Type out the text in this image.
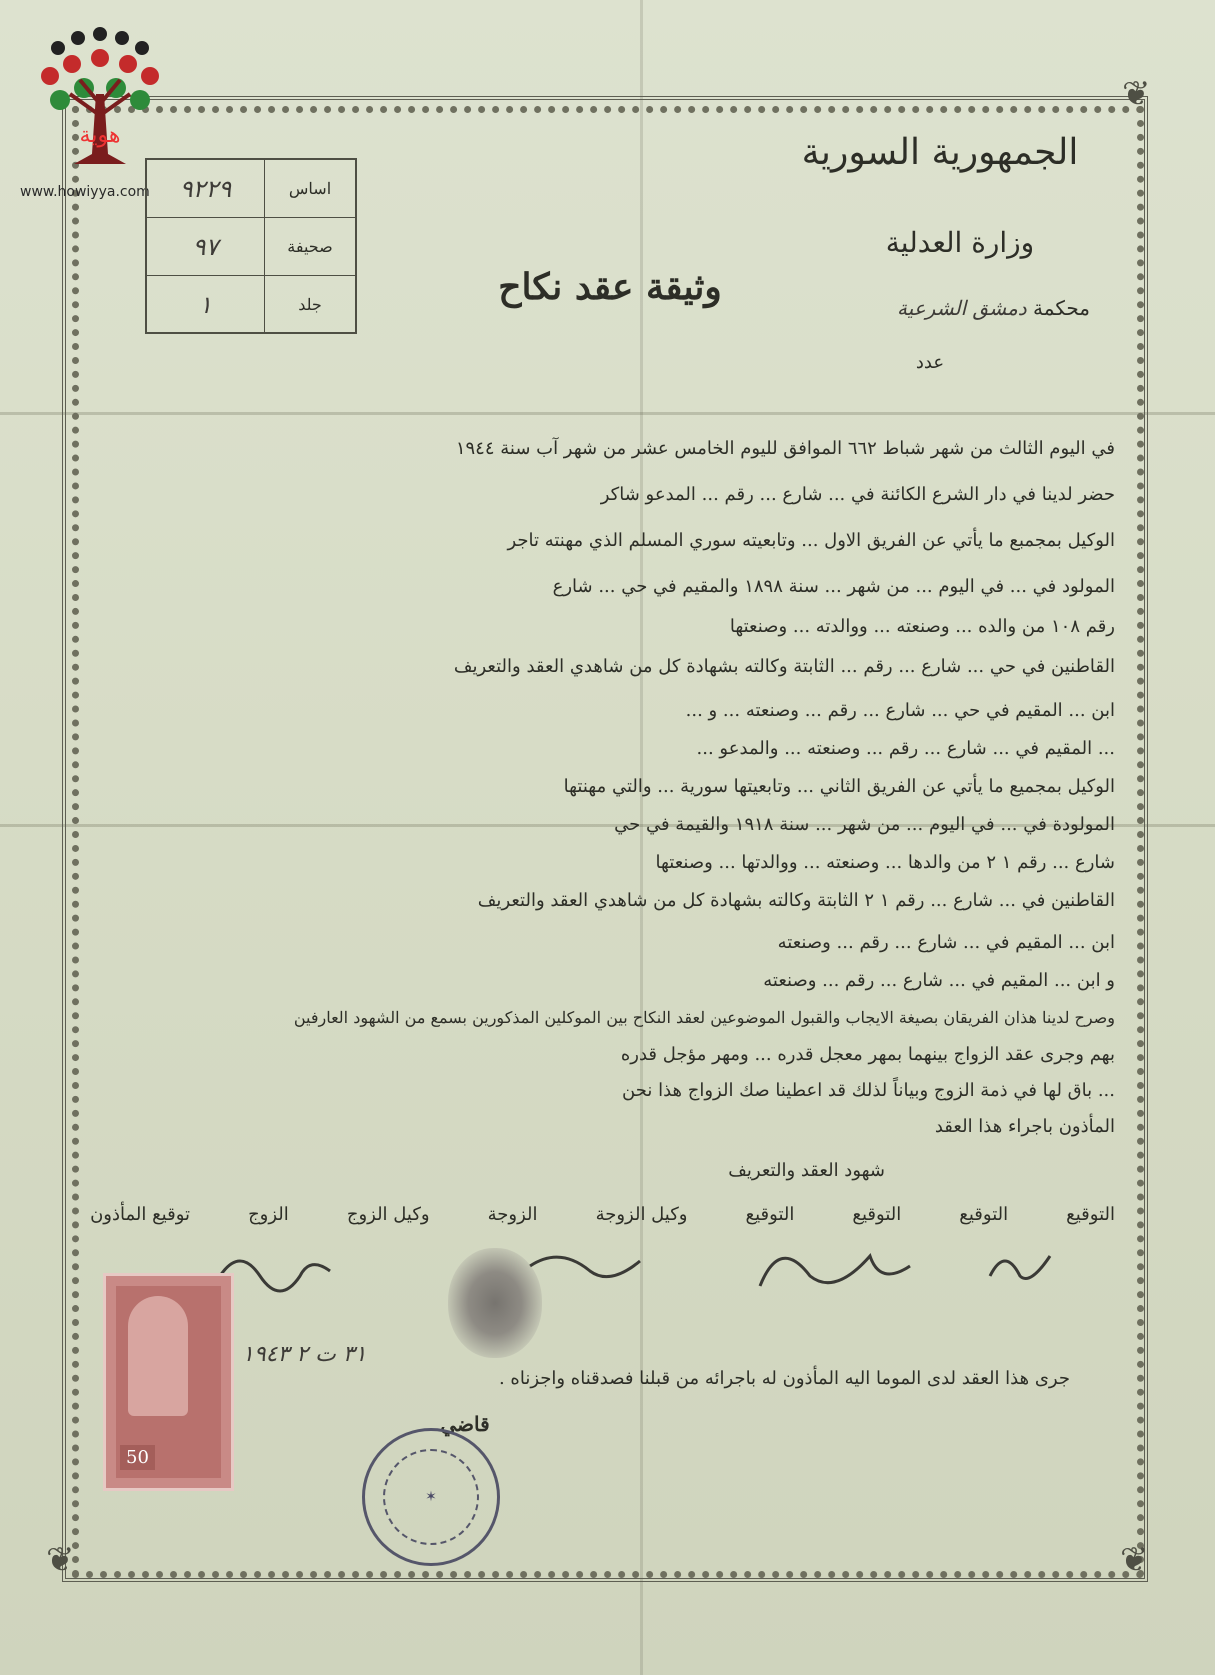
❦
❦	❦
هوية
www.howiyya.com
الجمهورية السورية
وزارة العدلية
محكمة دمشق الشرعية
عدد
وثيقة عقد نكاح
٩٢٢٩	اساس
٩٧	صحيفة
١	جلد
في اليوم الثالث من شهر شباط ٦٦٢ الموافق لليوم الخامس عشر من شهر آب سنة ١٩٤٤
حضر لدينا في دار الشرع الكائنة في ... شارع ... رقم ... المدعو شاكر
الوكيل بمجمبع ما يأتي عن الفريق الاول ... وتابعيته سوري المسلم الذي مهنته تاجر
المولود في ... في اليوم ... من شهر ... سنة ١٨٩٨ والمقيم في حي ... شارع
رقم ١٠٨ من والده ... وصنعته ... ووالدته ... وصنعتها
القاطنين في حي ... شارع ... رقم ... الثابتة وكالته بشهادة كل من شاهدي العقد والتعريف
ابن ... المقيم في حي ... شارع ... رقم ... وصنعته ... و ...
... المقيم في ... شارع ... رقم ... وصنعته ... والمدعو ...
الوكيل بمجميع ما يأتي عن الفريق الثاني ... وتابعيتها سورية ... والتي مهنتها
المولودة في ... في اليوم ... من شهر ... سنة ١٩١٨ والقيمة في حي
شارع ... رقم ١ ٢ من والدها ... وصنعته ... ووالدتها ... وصنعتها
القاطنين في ... شارع ... رقم ١ ٢ الثابتة وكالته بشهادة كل من شاهدي العقد والتعريف
ابن ... المقيم في ... شارع ... رقم ... وصنعته
و ابن ... المقيم في ... شارع ... رقم ... وصنعته
وصرح لدينا هذان الفريقان بصيغة الايجاب والقبول الموضوعين لعقد النكاح بين الموكلين المذكورين بسمع من الشهود العارفين
بهم وجرى عقد الزواج بينهما بمهر معجل قدره ... ومهر مؤجل قدره
... باق لها في ذمة الزوج وبياناً لذلك قد اعطينا صك الزواج هذا نحن
المأذون باجراء هذا العقد
شهود العقد والتعريف
التوقيع
التوقيع
التوقيع
التوقيع
وكيل الزوجة
الزوجة
وكيل الزوج
الزوج
توقيع المأذون
50
٣١ ت ٢ ١٩٤٣
جرى هذا العقد لدى الموما اليه المأذون له باجرائه من قبلنا فصدقناه واجزناه .
قاضي
✶
